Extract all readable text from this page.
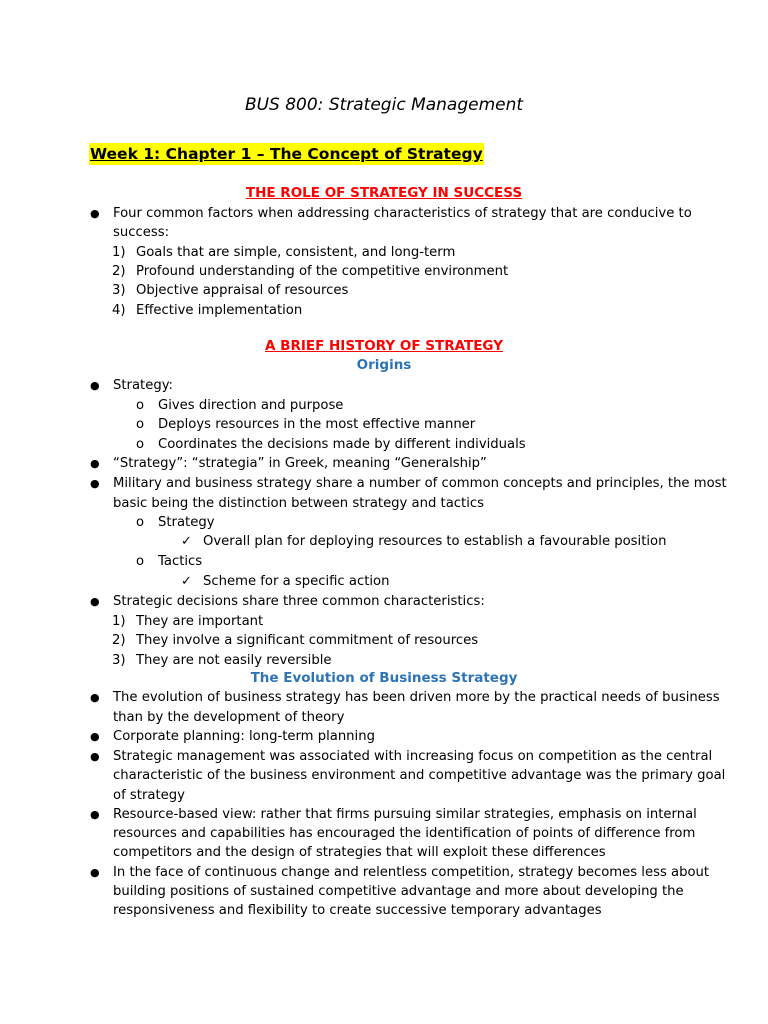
BUS 800: Strategic Management
Week 1: Chapter 1 – The Concept of Strategy
THE ROLE OF STRATEGY IN SUCCESS
● Four common factors when addressing characteristics of strategy that are conducive to
success:
1) Goals that are simple, consistent, and long-term
2) Profound understanding of the competitive environment
3) Objective appraisal of resources
4) Effective implementation
A BRIEF HISTORY OF STRATEGY
Origins
● Strategy:
o Gives direction and purpose
o Deploys resources in the most effective manner
o Coordinates the decisions made by different individuals
● “Strategy”: “strategia” in Greek, meaning “Generalship”
● Military and business strategy share a number of common concepts and principles, the most
basic being the distinction between strategy and tactics
o Strategy
✓ Overall plan for deploying resources to establish a favourable position
o Tactics
✓ Scheme for a specific action
● Strategic decisions share three common characteristics:
1) They are important
2) They involve a significant commitment of resources
3) They are not easily reversible
The Evolution of Business Strategy
● The evolution of business strategy has been driven more by the practical needs of business
than by the development of theory
● Corporate planning: long-term planning
● Strategic management was associated with increasing focus on competition as the central
characteristic of the business environment and competitive advantage was the primary goal
of strategy
● Resource-based view: rather that firms pursuing similar strategies, emphasis on internal
resources and capabilities has encouraged the identification of points of difference from
competitors and the design of strategies that will exploit these differences
● In the face of continuous change and relentless competition, strategy becomes less about
building positions of sustained competitive advantage and more about developing the
responsiveness and flexibility to create successive temporary advantages
